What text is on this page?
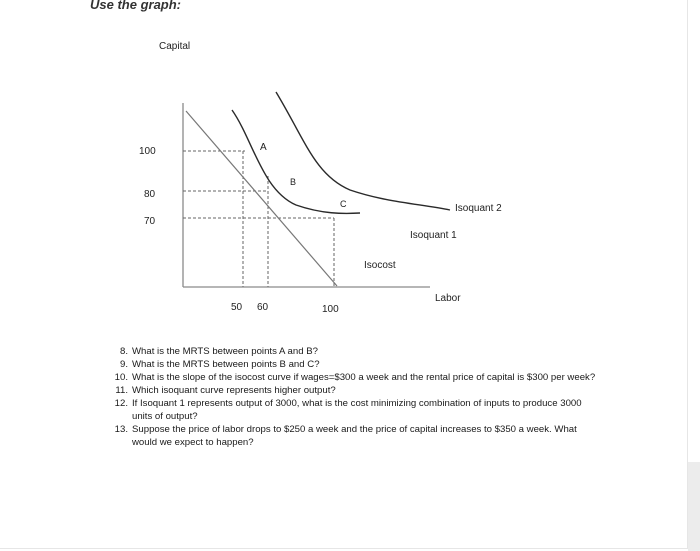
Use the graph:
Capital
Labor
100
80
70
50 60	100
A
B
C	Isoquant 2
Isoquant 1
Isocost
8. What is the MRTS between points A and B?
9. What is the MRTS between points B and C?
10. What is the slope of the isocost curve if wages=$300 a week and the rental price of capital is $300 per week?
11. Which isoquant curve represents higher output?
12. If Isoquant 1 represents output of 3000, what is the cost minimizing combination of inputs to produce 3000 units of output?
13. Suppose the price of labor drops to $250 a week and the price of capital increases to $350 a week. What would we expect to happen?
